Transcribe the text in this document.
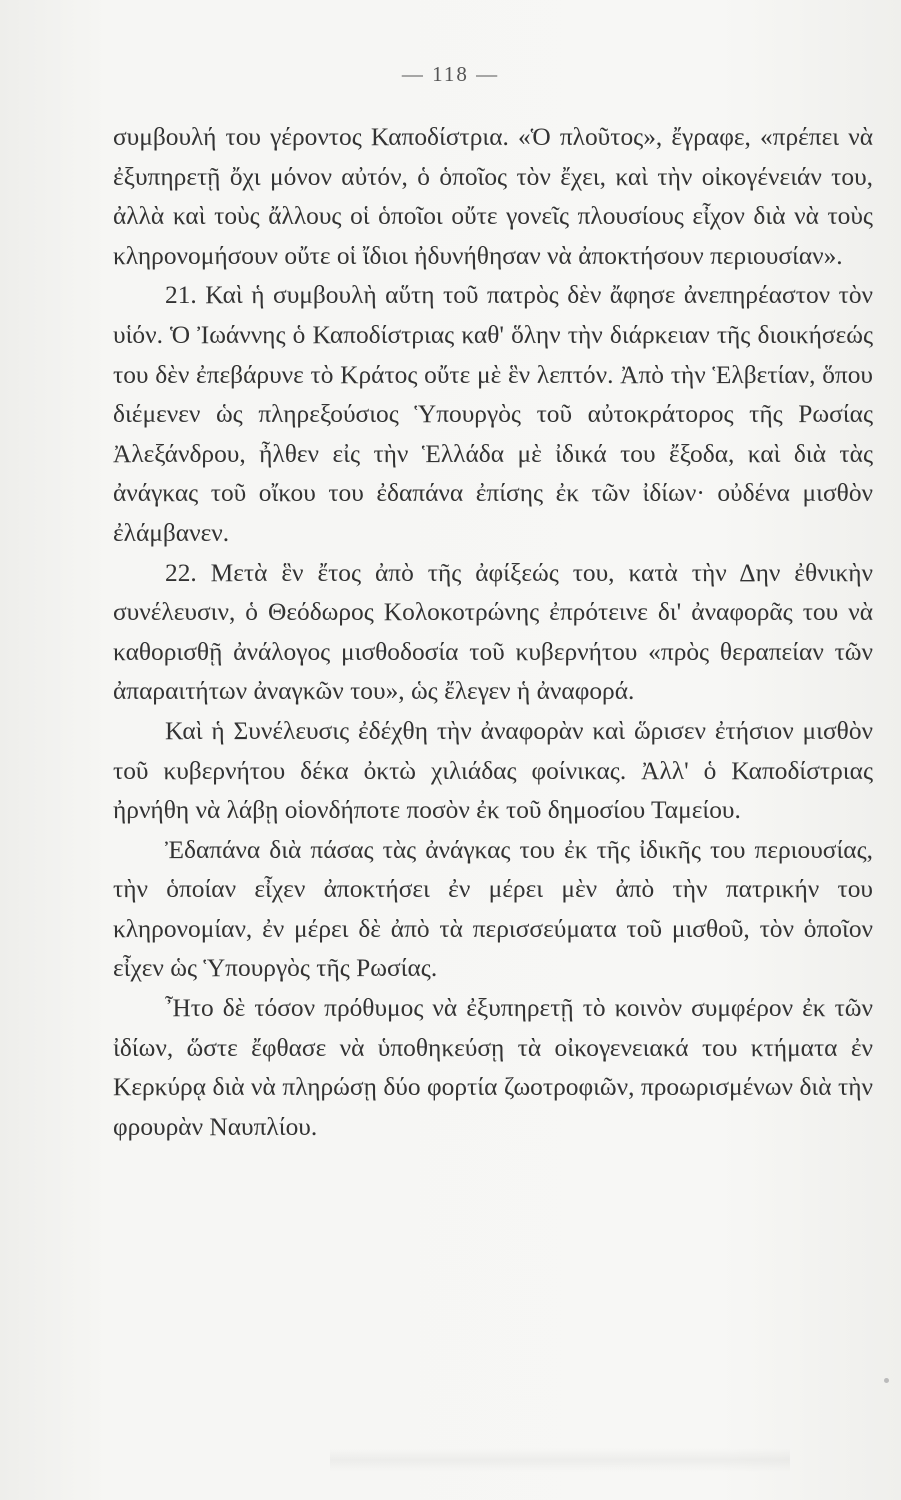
— 118 —

συμβουλή του γέροντος Καποδίστρια. «Ὁ πλοῦτος», ἔγραφε, «πρέπει νὰ ἐξυπηρετῇ ὄχι μόνον αὐτόν, ὁ ὁποῖος τὸν ἔχει, καὶ τὴν οἰκογένειάν του, ἀλλὰ καὶ τοὺς ἄλλους οἱ ὁποῖοι οὔτε γονεῖς πλουσίους εἶχον διὰ νὰ τοὺς κληρονομήσουν οὔτε οἱ ἴδιοι ἠδυνήθησαν νὰ ἀποκτήσουν περιουσίαν».

21. Καὶ ἡ συμβουλὴ αὕτη τοῦ πατρὸς δὲν ἄφησε ἀνεπηρέαστον τὸν υἱόν. Ὁ Ἰωάννης ὁ Καποδίστριας καθ' ὅλην τὴν διάρκειαν τῆς διοικήσεώς του δὲν ἐπεβάρυνε τὸ Κράτος οὔτε μὲ ἓν λεπτόν. Ἀπὸ τὴν Ἑλβετίαν, ὅπου διέμενεν ὡς πληρεξούσιος Ὑπουργὸς τοῦ αὐτοκράτορος τῆς Ρωσίας Ἀλεξάνδρου, ἦλθεν εἰς τὴν Ἑλλάδα μὲ ἰδικά του ἔξοδα, καὶ διὰ τὰς ἀνάγκας τοῦ οἴκου του ἐδαπάνα ἐπίσης ἐκ τῶν ἰδίων· οὐδένα μισθὸν ἐλάμβανεν.

22. Μετὰ ἓν ἔτος ἀπὸ τῆς ἀφίξεώς του, κατὰ τὴν Δην ἐθνικὴν συνέλευσιν, ὁ Θεόδωρος Κολοκοτρώνης ἐπρότεινε δι' ἀναφορᾶς του νὰ καθορισθῇ ἀνάλογος μισθοδοσία τοῦ κυβερνήτου «πρὸς θεραπείαν τῶν ἀπαραιτήτων ἀναγκῶν του», ὡς ἔλεγεν ἡ ἀναφορά.

Καὶ ἡ Συνέλευσις ἐδέχθη τὴν ἀναφορὰν καὶ ὥρισεν ἐτήσιον μισθὸν τοῦ κυβερνήτου δέκα ὀκτὼ χιλιάδας φοίνικας. Ἀλλ' ὁ Καποδίστριας ἠρνήθη νὰ λάβῃ οἱονδήποτε ποσὸν ἐκ τοῦ δημοσίου Ταμείου.

Ἐδαπάνα διὰ πάσας τὰς ἀνάγκας του ἐκ τῆς ἰδικῆς του περιουσίας, τὴν ὁποίαν εἶχεν ἀποκτήσει ἐν μέρει μὲν ἀπὸ τὴν πατρικήν του κληρονομίαν, ἐν μέρει δὲ ἀπὸ τὰ περισσεύματα τοῦ μισθοῦ, τὸν ὁποῖον εἶχεν ὡς Ὑπουργὸς τῆς Ρωσίας.

Ἦτο δὲ τόσον πρόθυμος νὰ ἐξυπηρετῇ τὸ κοινὸν συμφέρον ἐκ τῶν ἰδίων, ὥστε ἔφθασε νὰ ὑποθηκεύσῃ τὰ οἰκογενειακά του κτήματα ἐν Κερκύρᾳ διὰ νὰ πληρώσῃ δύο φορτία ζωοτροφιῶν, προωρισμένων διὰ τὴν φρουρὰν Ναυπλίου.
